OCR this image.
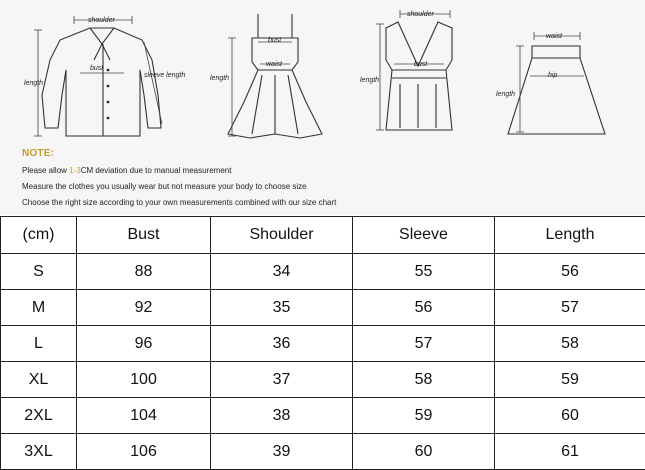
shoulder
bust
length
sleeve length
bust
waist
length
shoulder
bust
length
waist
hip
length
NOTE:
Please allow 1-3CM deviation due to manual measurement
Measure the clothes you usually wear but not measure your body to choose size
Choose the right size according to your own measurements combined with our size chart
(cm)	Bust	Shoulder	Sleeve	Length
S	88	34	55	56
M	92	35	56	57
L	96	36	57	58
XL	100	37	58	59
2XL	104	38	59	60
3XL	106	39	60	61
